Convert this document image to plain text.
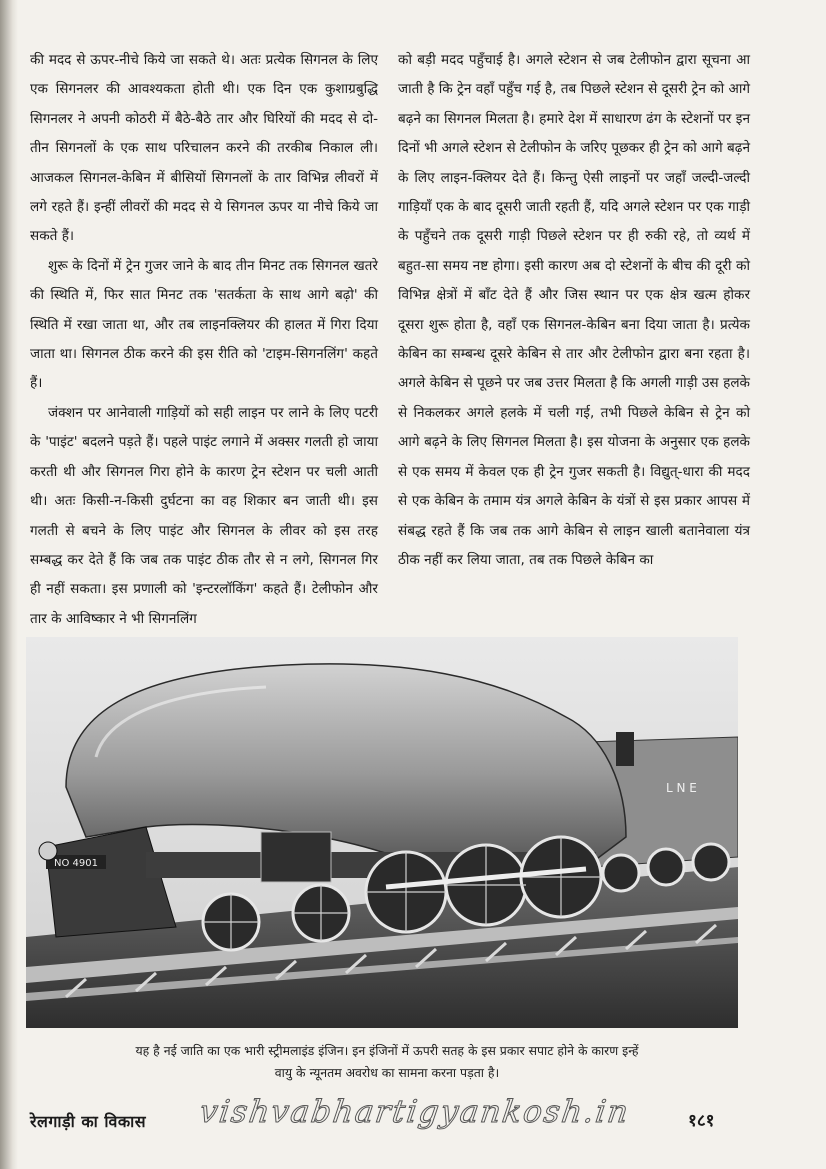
की मदद से ऊपर-नीचे किये जा सकते थे। अतः प्रत्येक सिगनल के लिए एक सिगनलर की आवश्यकता होती थी। एक दिन एक कुशाग्रबुद्धि सिगनलर ने अपनी कोठरी में बैठे-बैठे तार और घिरियों की मदद से दो-तीन सिगनलों के एक साथ परिचालन करने की तरकीब निकाल ली। आजकल सिगनल-केबिन में बीसियों सिगनलों के तार विभिन्न लीवरों में लगे रहते हैं। इन्हीं लीवरों की मदद से ये सिगनल ऊपर या नीचे किये जा सकते हैं।

शुरू के दिनों में ट्रेन गुजर जाने के बाद तीन मिनट तक सिगनल खतरे की स्थिति में, फिर सात मिनट तक 'सतर्कता के साथ आगे बढ़ो' की स्थिति में रखा जाता था, और तब लाइनक्लियर की हालत में गिरा दिया जाता था। सिगनल ठीक करने की इस रीति को 'टाइम-सिगनलिंग' कहते हैं।

जंक्शन पर आनेवाली गाड़ियों को सही लाइन पर लाने के लिए पटरी के 'पाइंट' बदलने पड़ते हैं। पहले पाइंट लगाने में अक्सर गलती हो जाया करती थी और सिगनल गिरा होने के कारण ट्रेन स्टेशन पर चली आती थी। अतः किसी-न-किसी दुर्घटना का वह शिकार बन जाती थी। इस गलती से बचने के लिए पाइंट और सिगनल के लीवर को इस तरह सम्बद्ध कर देते हैं कि जब तक पाइंट ठीक तौर से न लगे, सिगनल गिर ही नहीं सकता। इस प्रणाली को 'इन्टरलॉकिंग' कहते हैं। टेलीफोन और तार के आविष्कार ने भी सिगनलिंग

को बड़ी मदद पहुँचाई है। अगले स्टेशन से जब टेलीफोन द्वारा सूचना आ जाती है कि ट्रेन वहाँ पहुँच गई है, तब पिछले स्टेशन से दूसरी ट्रेन को आगे बढ़ने का सिगनल मिलता है। हमारे देश में साधारण ढंग के स्टेशनों पर इन दिनों भी अगले स्टेशन से टेलीफोन के जरिए पूछकर ही ट्रेन को आगे बढ़ने के लिए लाइन-क्लियर देते हैं। किन्तु ऐसी लाइनों पर जहाँ जल्दी-जल्दी गाड़ियाँ एक के बाद दूसरी जाती रहती हैं, यदि अगले स्टेशन पर एक गाड़ी के पहुँचने तक दूसरी गाड़ी पिछले स्टेशन पर ही रुकी रहे, तो व्यर्थ में बहुत-सा समय नष्ट होगा। इसी कारण अब दो स्टेशनों के बीच की दूरी को विभिन्न क्षेत्रों में बाँट देते हैं और जिस स्थान पर एक क्षेत्र खत्म होकर दूसरा शुरू होता है, वहाँ एक सिगनल-केबिन बना दिया जाता है। प्रत्येक केबिन का सम्बन्ध दूसरे केबिन से तार और टेलीफोन द्वारा बना रहता है। अगले केबिन से पूछने पर जब उत्तर मिलता है कि अगली गाड़ी उस हलके से निकलकर अगले हलके में चली गई, तभी पिछले केबिन से ट्रेन को आगे बढ़ने के लिए सिगनल मिलता है। इस योजना के अनुसार एक हलके से एक समय में केवल एक ही ट्रेन गुजर सकती है। विद्युत्-धारा की मदद से एक केबिन के तमाम यंत्र अगले केबिन के यंत्रों से इस प्रकार आपस में संबद्ध रहते हैं कि जब तक आगे केबिन से लाइन खाली बतानेवाला यंत्र ठीक नहीं कर लिया जाता, तब तक पिछले केबिन का

L N E
NO 4901
यह है नई जाति का एक भारी स्ट्रीमलाइंड इंजिन। इन इंजिनों में ऊपरी सतह के इस प्रकार सपाट होने के कारण इन्हें
वायु के न्यूनतम अवरोध का सामना करना पड़ता है।
रेलगाड़ी का विकास vishvabhartigyankosh.in	१८१
